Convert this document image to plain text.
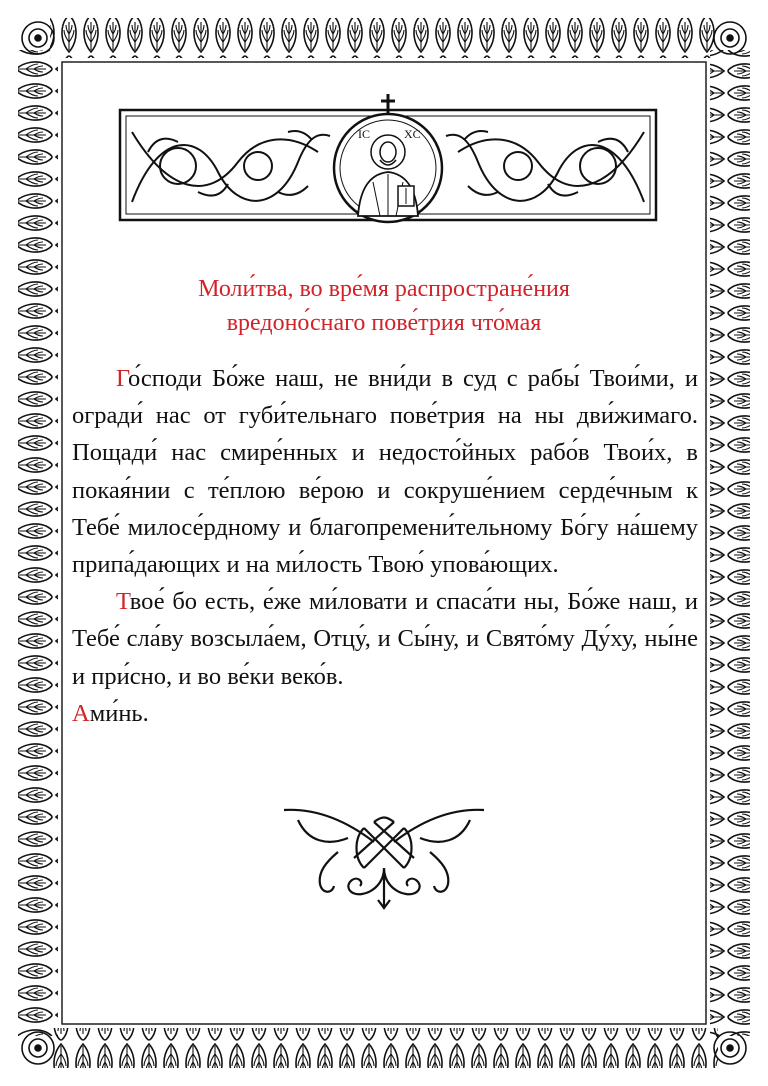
IC	XC
Моли́тва, во вре́мя распростране́ния
вредоно́снаго пове́трия что́мая

Го́споди Бо́же наш, не вни́ди в суд с рабы́ Твои́ми, и огради́ нас от губи́тельнаго пове́трия на ны дви́жимаго. Пощади́ нас смире́нных и недосто́йных рабо́в Твои́х, в покая́нии с те́плою ве́рою и сокруше́нием серде́чным к Тебе́ милосе́рдному и благопремени́тельному Бо́гу на́шему припа́дающих и на ми́лость Твою́ упова́ющих.

Твое́ бо есть, е́же ми́ловати и спаса́ти ны, Бо́же наш, и Тебе́ сла́ву возсыла́ем, Отцу́, и Сы́ну, и Свято́му Ду́ху, ны́не и при́сно, и во ве́ки веко́в.

Ами́нь.
